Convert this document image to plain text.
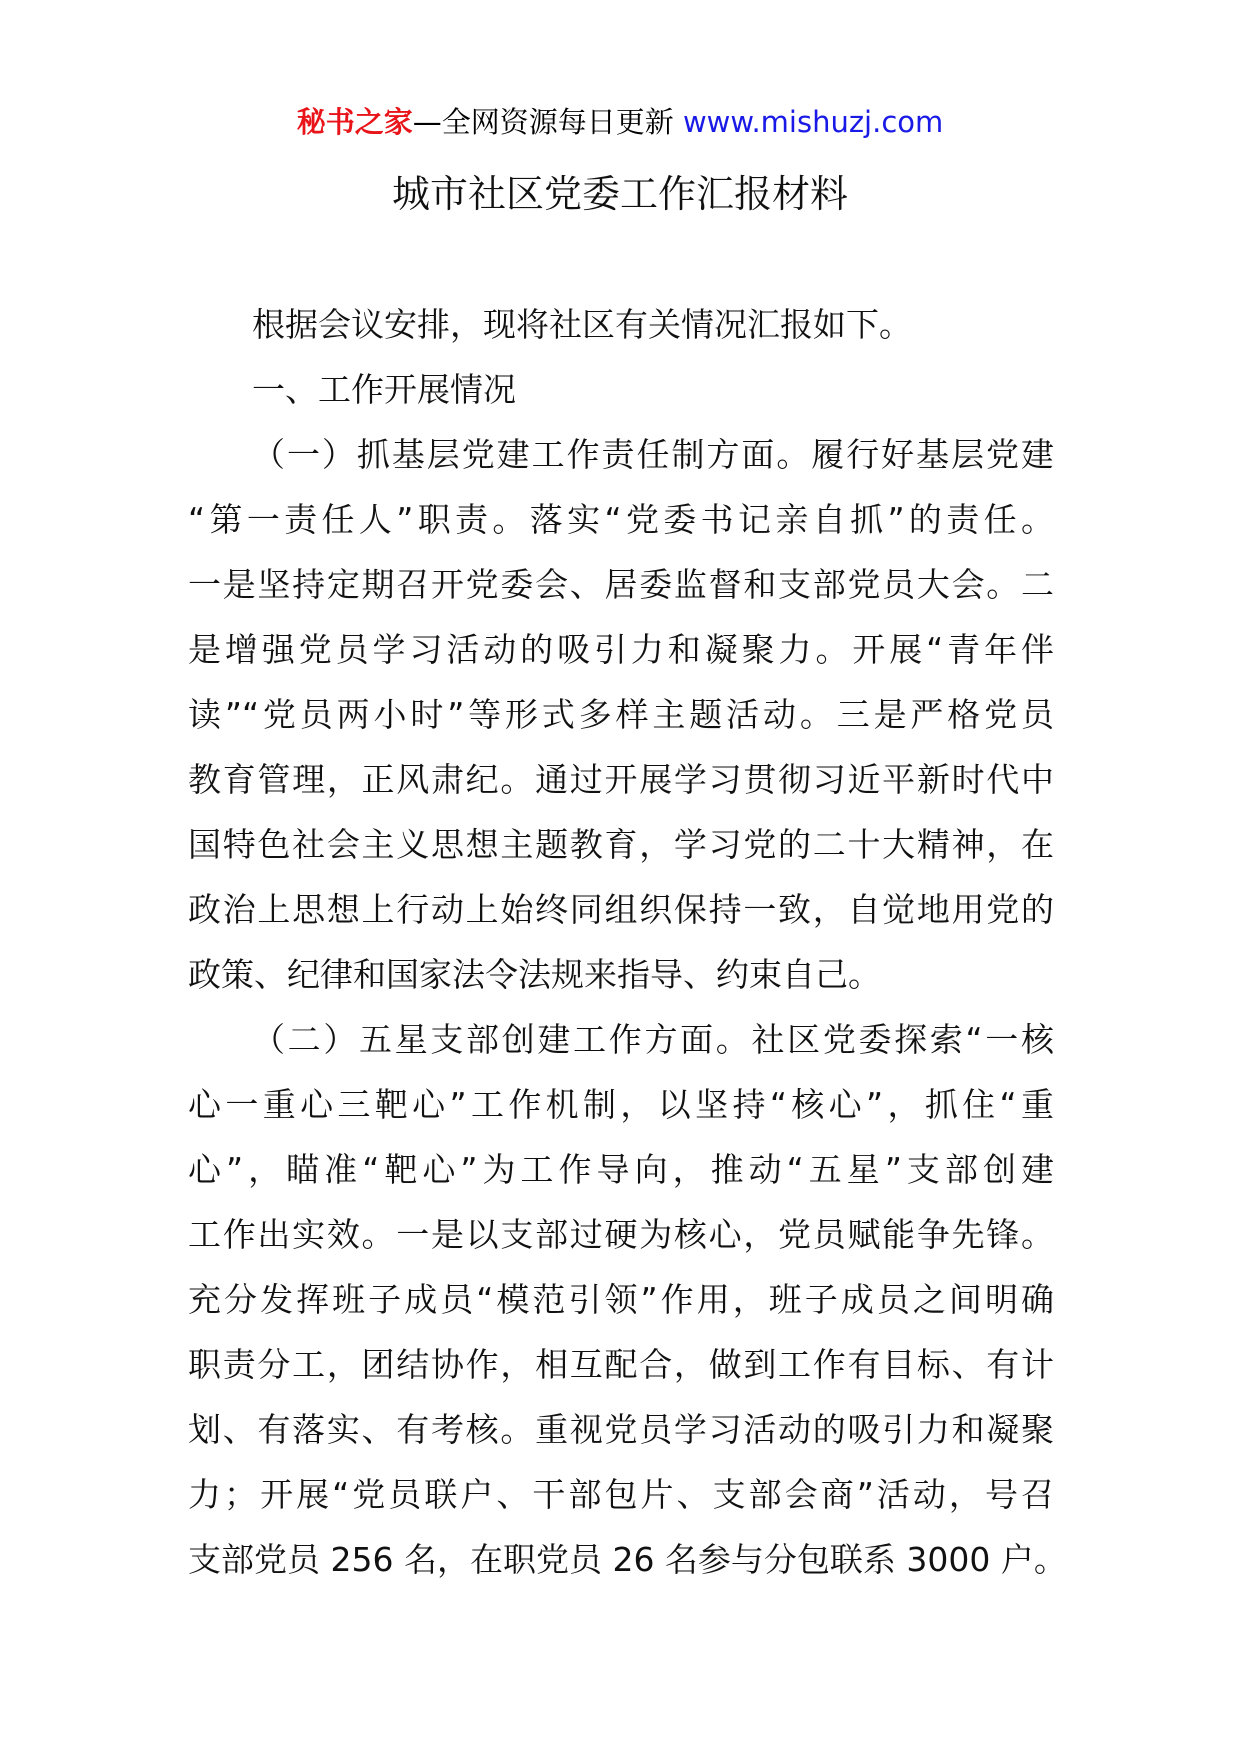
秘书之家—全网资源每日更新 www.mishuzj.com
城市社区党委工作汇报材料
根据会议安排，现将社区有关情况汇报如下。
一、工作开展情况
（一）抓基层党建工作责任制方面。履行好基层党建
“第一责任人”职责。落实“党委书记亲自抓”的责任。
一是坚持定期召开党委会、居委监督和支部党员大会。二
是增强党员学习活动的吸引力和凝聚力。开展“青年伴
读”“党员两小时”等形式多样主题活动。三是严格党员
教育管理，正风肃纪。通过开展学习贯彻习近平新时代中
国特色社会主义思想主题教育，学习党的二十大精神，在
政治上思想上行动上始终同组织保持一致，自觉地用党的
政策、纪律和国家法令法规来指导、约束自己。
（二）五星支部创建工作方面。社区党委探索“一核
心一重心三靶心”工作机制，以坚持“核心”，抓住“重
心”，瞄准“靶心”为工作导向，推动“五星”支部创建
工作出实效。一是以支部过硬为核心，党员赋能争先锋。
充分发挥班子成员“模范引领”作用，班子成员之间明确
职责分工，团结协作，相互配合，做到工作有目标、有计
划、有落实、有考核。重视党员学习活动的吸引力和凝聚
力；开展“党员联户、干部包片、支部会商”活动，号召
支部党员 256 名，在职党员 26 名参与分包联系 3000 户。
